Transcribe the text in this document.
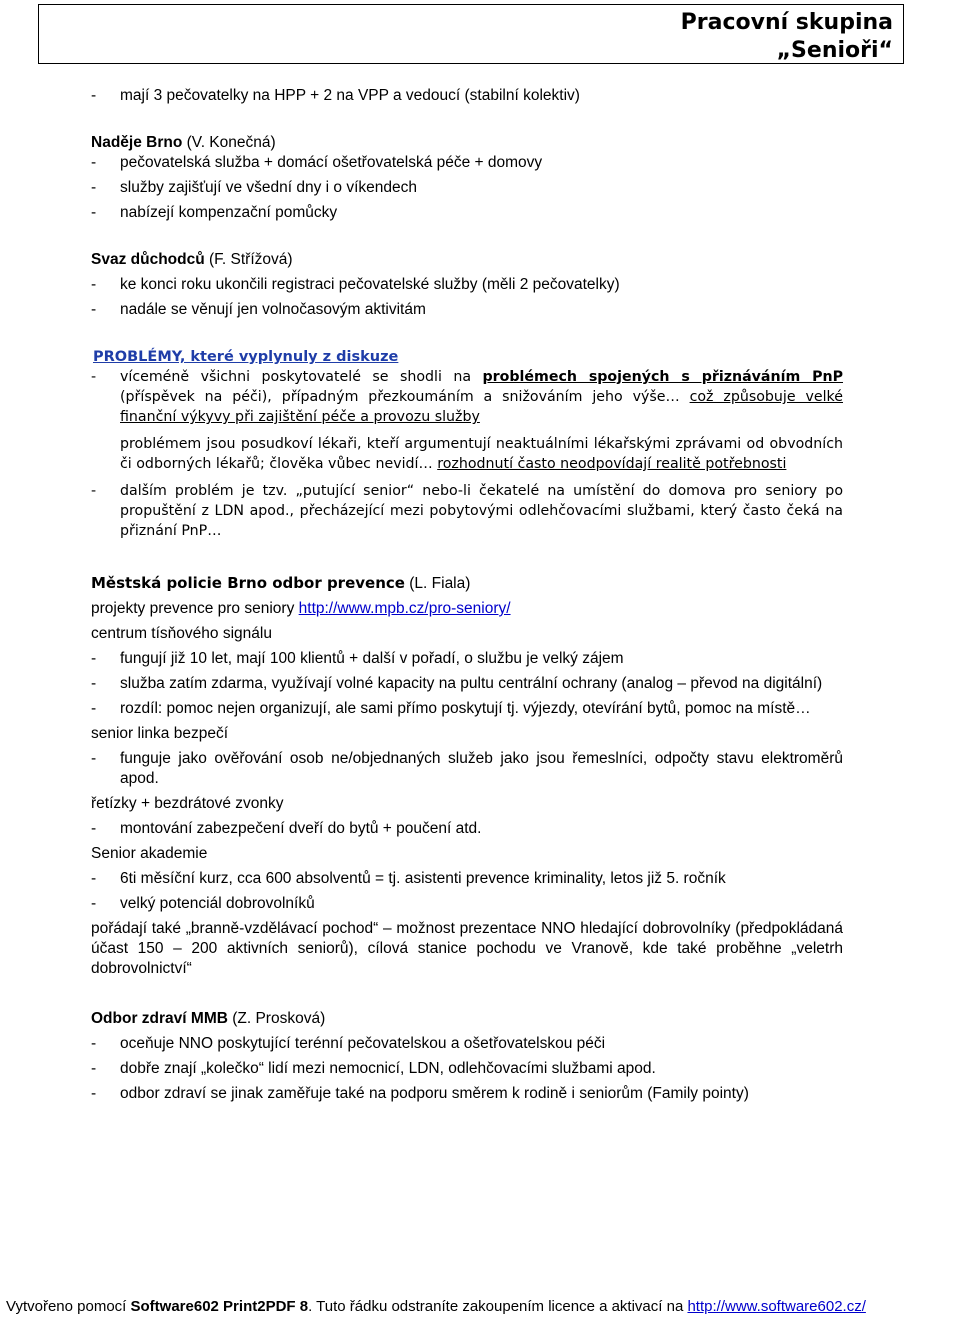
Pracovní skupina
„Senioři“
- mají 3 pečovatelky na HPP + 2 na VPP a vedoucí (stabilní kolektiv)

Naděje Brno (V. Konečná)

- pečovatelská služba + domácí ošetřovatelská péče + domovy
- služby zajišťují ve všední dny i o víkendech
- nabízejí kompenzační pomůcky

Svaz důchodců (F. Střížová)

- ke konci roku ukončili registraci pečovatelské služby (měli 2 pečovatelky)
- nadále se věnují jen volnočasovým aktivitám

PROBLÉMY, které vyplynuly z diskuze

- víceméně všichni poskytovatelé se shodli na problémech spojených s přiznáváním PnP (příspěvek na péči), případným přezkoumáním a snižováním jeho výše… což způsobuje velké finanční výkyvy při zajištění péče a provozu služby
problémem jsou posudkoví lékaři, kteří argumentují neaktuálními lékařskými zprávami od obvodních či odborných lékařů; člověka vůbec nevidí… rozhodnutí často neodpovídají realitě potřebnosti
- dalším problém je tzv. „putující senior“ nebo-li čekatelé na umístění do domova pro seniory po propuštění z LDN apod., přecházející mezi pobytovými odlehčovacími službami, který často čeká na přiznání PnP…

Městská policie Brno odbor prevence (L. Fiala)

projekty prevence pro seniory http://www.mpb.cz/pro-seniory/

centrum tísňového signálu

- fungují již 10 let, mají 100 klientů + další v pořadí, o službu je velký zájem
- služba zatím zdarma, využívají volné kapacity na pultu centrální ochrany (analog – převod na digitální)
- rozdíl: pomoc nejen organizují, ale sami přímo poskytují tj. výjezdy, otevírání bytů, pomoc na místě…

senior linka bezpečí

- funguje jako ověřování osob ne/objednaných služeb jako jsou řemeslníci, odpočty stavu elektroměrů apod.

řetízky + bezdrátové zvonky

- montování zabezpečení dveří do bytů + poučení atd.

Senior akademie

- 6ti měsíční kurz, cca 600 absolventů = tj. asistenti prevence kriminality, letos již 5. ročník
- velký potenciál dobrovolníků

pořádají také „branně-vzdělávací pochod“ – možnost prezentace NNO hledající dobrovolníky (předpokládaná účast 150 – 200 aktivních seniorů), cílová stanice pochodu ve Vranově, kde také proběhne „veletrh dobrovolnictví“

Odbor zdraví MMB (Z. Prosková)

- oceňuje NNO poskytující terénní pečovatelskou a ošetřovatelskou péči
- dobře znají „kolečko“ lidí mezi nemocnicí, LDN, odlehčovacími službami apod.
- odbor zdraví se jinak zaměřuje také na podporu směrem k rodině i seniorům (Family pointy)
Vytvořeno pomocí Software602 Print2PDF 8. Tuto řádku odstraníte zakoupením licence a aktivací na http://www.software602.cz/
